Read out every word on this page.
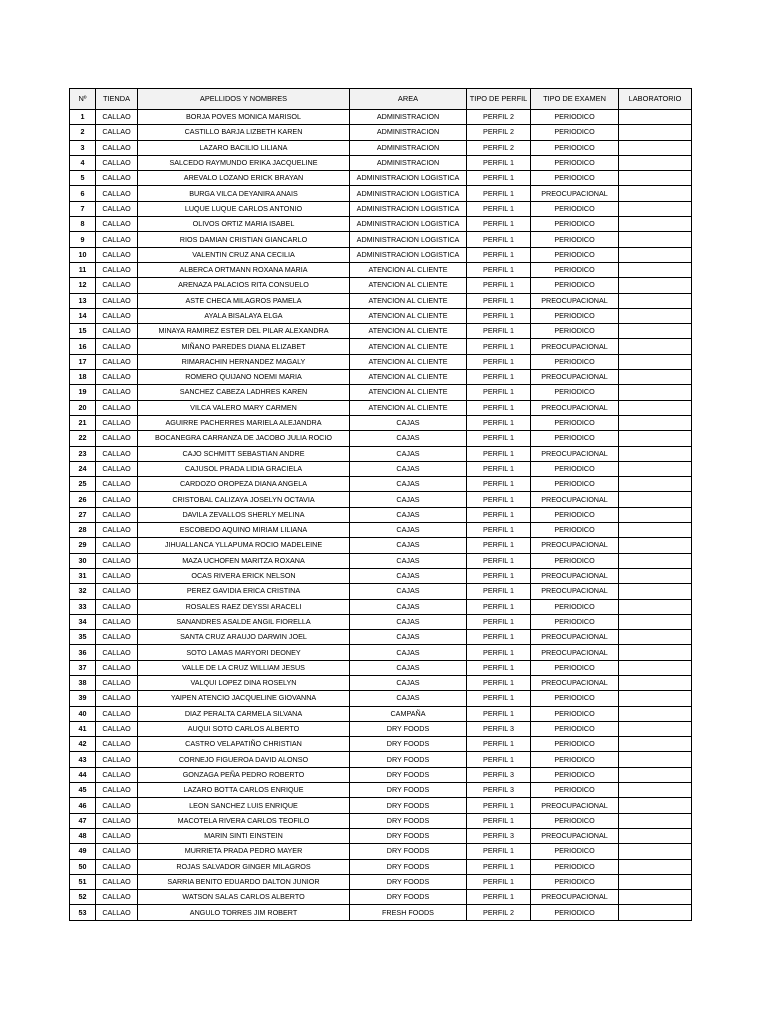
Nº	TIENDA	APELLIDOS Y NOMBRES	AREA	TIPO DE PERFIL	TIPO DE EXAMEN	LABORATORIO
1	CALLAO	BORJA POVES MONICA MARISOL	ADMINISTRACION	PERFIL 2	PERIODICO	
2	CALLAO	CASTILLO BARJA LIZBETH KAREN	ADMINISTRACION	PERFIL 2	PERIODICO	
3	CALLAO	LAZARO BACILIO LILIANA	ADMINISTRACION	PERFIL 2	PERIODICO	
4	CALLAO	SALCEDO RAYMUNDO ERIKA JACQUELINE	ADMINISTRACION	PERFIL 1	PERIODICO	
5	CALLAO	AREVALO LOZANO ERICK BRAYAN	ADMINISTRACION LOGISTICA	PERFIL 1	PERIODICO	
6	CALLAO	BURGA VILCA DEYANIRA ANAIS	ADMINISTRACION LOGISTICA	PERFIL 1	PREOCUPACIONAL	
7	CALLAO	LUQUE LUQUE CARLOS ANTONIO	ADMINISTRACION LOGISTICA	PERFIL 1	PERIODICO	
8	CALLAO	OLIVOS ORTIZ MARIA ISABEL	ADMINISTRACION LOGISTICA	PERFIL 1	PERIODICO	
9	CALLAO	RIOS DAMIAN CRISTIAN GIANCARLO	ADMINISTRACION LOGISTICA	PERFIL 1	PERIODICO	
10	CALLAO	VALENTIN CRUZ ANA CECILIA	ADMINISTRACION LOGISTICA	PERFIL 1	PERIODICO	
11	CALLAO	ALBERCA ORTMANN ROXANA MARIA	ATENCION AL CLIENTE	PERFIL 1	PERIODICO	
12	CALLAO	ARENAZA PALACIOS RITA CONSUELO	ATENCION AL CLIENTE	PERFIL 1	PERIODICO	
13	CALLAO	ASTE CHECA MILAGROS PAMELA	ATENCION AL CLIENTE	PERFIL 1	PREOCUPACIONAL	
14	CALLAO	AYALA BISALAYA ELGA	ATENCION AL CLIENTE	PERFIL 1	PERIODICO	
15	CALLAO	MINAYA RAMIREZ ESTER DEL PILAR ALEXANDRA	ATENCION AL CLIENTE	PERFIL 1	PERIODICO	
16	CALLAO	MIÑANO PAREDES DIANA ELIZABET	ATENCION AL CLIENTE	PERFIL 1	PREOCUPACIONAL	
17	CALLAO	RIMARACHIN HERNANDEZ MAGALY	ATENCION AL CLIENTE	PERFIL 1	PERIODICO	
18	CALLAO	ROMERO QUIJANO NOEMI MARIA	ATENCION AL CLIENTE	PERFIL 1	PREOCUPACIONAL	
19	CALLAO	SANCHEZ CABEZA LADHRES KAREN	ATENCION AL CLIENTE	PERFIL 1	PERIODICO	
20	CALLAO	VILCA VALERO MARY CARMEN	ATENCION AL CLIENTE	PERFIL 1	PREOCUPACIONAL	
21	CALLAO	AGUIRRE PACHERRES MARIELA ALEJANDRA	CAJAS	PERFIL 1	PERIODICO	
22	CALLAO	BOCANEGRA CARRANZA DE JACOBO JULIA ROCIO	CAJAS	PERFIL 1	PERIODICO	
23	CALLAO	CAJO SCHMITT SEBASTIAN ANDRE	CAJAS	PERFIL 1	PREOCUPACIONAL	
24	CALLAO	CAJUSOL PRADA LIDIA GRACIELA	CAJAS	PERFIL 1	PERIODICO	
25	CALLAO	CARDOZO OROPEZA DIANA ANGELA	CAJAS	PERFIL 1	PERIODICO	
26	CALLAO	CRISTOBAL CALIZAYA JOSELYN OCTAVIA	CAJAS	PERFIL 1	PREOCUPACIONAL	
27	CALLAO	DAVILA ZEVALLOS SHERLY MELINA	CAJAS	PERFIL 1	PERIODICO	
28	CALLAO	ESCOBEDO AQUINO MIRIAM LILIANA	CAJAS	PERFIL 1	PERIODICO	
29	CALLAO	JIHUALLANCA YLLAPUMA ROCIO MADELEINE	CAJAS	PERFIL 1	PREOCUPACIONAL	
30	CALLAO	MAZA UCHOFEN MARITZA ROXANA	CAJAS	PERFIL 1	PERIODICO	
31	CALLAO	OCAS RIVERA ERICK NELSON	CAJAS	PERFIL 1	PREOCUPACIONAL	
32	CALLAO	PEREZ GAVIDIA ERICA CRISTINA	CAJAS	PERFIL 1	PREOCUPACIONAL	
33	CALLAO	ROSALES RAEZ DEYSSI ARACELI	CAJAS	PERFIL 1	PERIODICO	
34	CALLAO	SANANDRES ASALDE ANGIL FIORELLA	CAJAS	PERFIL 1	PERIODICO	
35	CALLAO	SANTA CRUZ ARAUJO DARWIN JOEL	CAJAS	PERFIL 1	PREOCUPACIONAL	
36	CALLAO	SOTO LAMAS MARYORI DEONEY	CAJAS	PERFIL 1	PREOCUPACIONAL	
37	CALLAO	VALLE DE LA CRUZ WILLIAM JESUS	CAJAS	PERFIL 1	PERIODICO	
38	CALLAO	VALQUI LOPEZ DINA ROSELYN	CAJAS	PERFIL 1	PREOCUPACIONAL	
39	CALLAO	YAIPEN ATENCIO JACQUELINE GIOVANNA	CAJAS	PERFIL 1	PERIODICO	
40	CALLAO	DIAZ PERALTA CARMELA SILVANA	CAMPAÑA	PERFIL 1	PERIODICO	
41	CALLAO	AUQUI SOTO CARLOS ALBERTO	DRY FOODS	PERFIL 3	PERIODICO	
42	CALLAO	CASTRO VELAPATIÑO CHRISTIAN	DRY FOODS	PERFIL 1	PERIODICO	
43	CALLAO	CORNEJO FIGUEROA DAVID ALONSO	DRY FOODS	PERFIL 1	PERIODICO	
44	CALLAO	GONZAGA PEÑA PEDRO ROBERTO	DRY FOODS	PERFIL 3	PERIODICO	
45	CALLAO	LAZARO BOTTA CARLOS ENRIQUE	DRY FOODS	PERFIL 3	PERIODICO	
46	CALLAO	LEON SANCHEZ LUIS ENRIQUE	DRY FOODS	PERFIL 1	PREOCUPACIONAL	
47	CALLAO	MACOTELA RIVERA CARLOS TEOFILO	DRY FOODS	PERFIL 1	PERIODICO	
48	CALLAO	MARIN SINTI EINSTEIN	DRY FOODS	PERFIL 3	PREOCUPACIONAL	
49	CALLAO	MURRIETA PRADA PEDRO MAYER	DRY FOODS	PERFIL 1	PERIODICO	
50	CALLAO	ROJAS SALVADOR GINGER MILAGROS	DRY FOODS	PERFIL 1	PERIODICO	
51	CALLAO	SARRIA BENITO EDUARDO DALTON JUNIOR	DRY FOODS	PERFIL 1	PERIODICO	
52	CALLAO	WATSON SALAS CARLOS ALBERTO	DRY FOODS	PERFIL 1	PREOCUPACIONAL	
53	CALLAO	ANGULO TORRES JIM ROBERT	FRESH FOODS	PERFIL 2	PERIODICO	
